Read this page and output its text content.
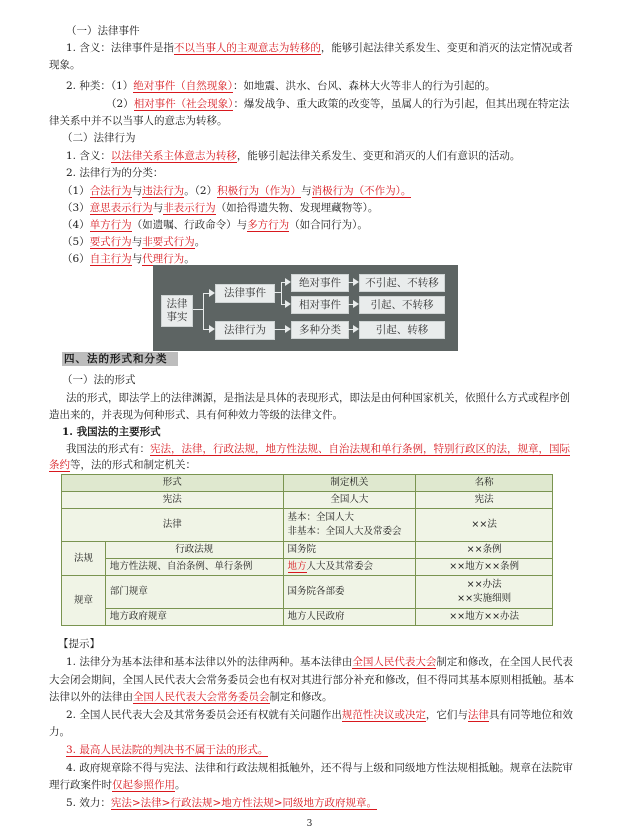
（一）法律事件
1. 含义：法律事件是指不以当事人的主观意志为转移的，能够引起法律关系发生、变更和消灭的法定情况或者
现象。
2. 种类：（1）绝对事件（自然现象）：如地震、洪水、台风、森林大火等非人的行为引起的。
（2）相对事件（社会现象）：爆发战争、重大政策的改变等，虽属人的行为引起，但其出现在特定法
律关系中并不以当事人的意志为转移。
（二）法律行为
1. 含义：以法律关系主体意志为转移，能够引起法律关系发生、变更和消灭的人们有意识的活动。
2. 法律行为的分类：
（1）合法行为与违法行为。（2）积极行为（作为）与消极行为（不作为）。
（3）意思表示行为与非表示行为（如拾得遗失物、发现埋藏物等）。
（4）单方行为（如遗嘱、行政命令）与多方行为（如合同行为）。
（5）要式行为与非要式行为。
（6）自主行为与代理行为。
法律事实
法律事件
法律行为
绝对事件
相对事件
多种分类
不引起、不转移
引起、不转移
引起、转移
四、法的形式和分类
（一）法的形式
法的形式，即法学上的法律渊源，是指法是具体的表现形式，即法是由何种国家机关，依照什么方式或程序创
造出来的，并表现为何种形式、具有何种效力等级的法律文件。
1. 我国法的主要形式
我国法的形式有：宪法，法律，行政法规，地方性法规、自治法规和单行条例，特别行政区的法，规章，国际
条约等，法的形式和制定机关：
形式		制定机关	名称
宪法		全国人大	宪法
法律		基本：全国人大
非基本：全国人大及常委会	××法
法规	行政法规	国务院	××条例
	地方性法规、自治条例、单行条例	地方人大及其常委会	××地方××条例
规章	部门规章	国务院各部委	××办法
××实施细则

	地方政府规章	地方人民政府	××地方××办法
【提示】
1. 法律分为基本法律和基本法律以外的法律两种。基本法律由全国人民代表大会制定和修改，在全国人民代表
大会闭会期间，全国人民代表大会常务委员会也有权对其进行部分补充和修改，但不得同其基本原则相抵触。基本
法律以外的法律由全国人民代表大会常务委员会制定和修改。
2. 全国人民代表大会及其常务委员会还有权就有关问题作出规范性决议或决定，它们与法律具有同等地位和效
力。
3. 最高人民法院的判决书不属于法的形式。
4. 政府规章除不得与宪法、法律和行政法规相抵触外，还不得与上级和同级地方性法规相抵触。规章在法院审
理行政案件时仅起参照作用。
5. 效力：宪法>法律>行政法规>地方性法规>同级地方政府规章。
3
